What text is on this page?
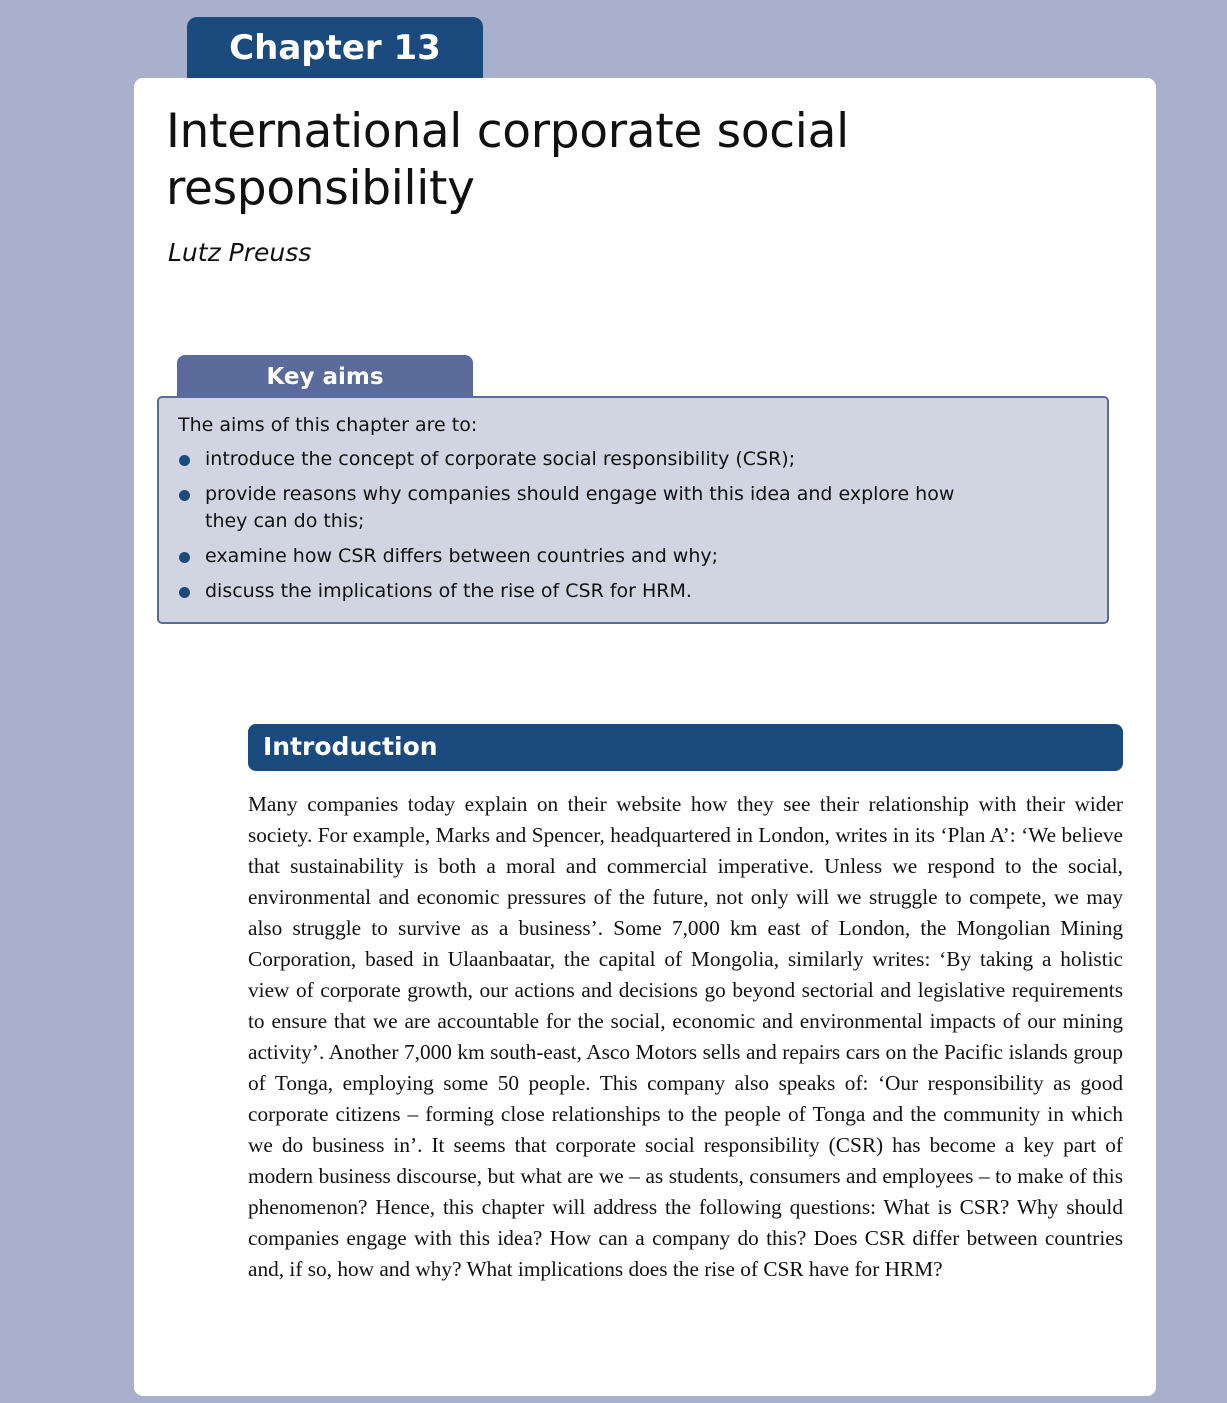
Chapter 13
International corporate social responsibility
Lutz Preuss
Key aims
The aims of this chapter are to:
introduce the concept of corporate social responsibility (CSR);
provide reasons why companies should engage with this idea and explore how they can do this;
examine how CSR differs between countries and why;
discuss the implications of the rise of CSR for HRM.
Introduction

Many companies today explain on their website how they see their relationship with their wider society. For example, Marks and Spencer, headquartered in London, writes in its ‘Plan A’: ‘We believe that sustainability is both a moral and commercial imperative. Unless we respond to the social, environmental and economic pressures of the future, not only will we struggle to compete, we may also struggle to survive as a business’. Some 7,000 km east of London, the Mongolian Mining Corporation, based in Ulaanbaatar, the capital of Mongolia, similarly writes: ‘By taking a holistic view of corporate growth, our actions and decisions go beyond sectorial and legislative requirements to ensure that we are accountable for the social, economic and environmental impacts of our mining activity’. Another 7,000 km south-east, Asco Motors sells and repairs cars on the Pacific islands group of Tonga, employing some 50 people. This company also speaks of: ‘Our responsibility as good corporate citizens – forming close relationships to the people of Tonga and the community in which we do business in’. It seems that corporate social responsibility (CSR) has become a key part of modern business discourse, but what are we – as students, consumers and employees – to make of this phenomenon? Hence, this chapter will address the following questions: What is CSR? Why should companies engage with this idea? How can a company do this? Does CSR differ between countries and, if so, how and why? What implications does the rise of CSR have for HRM?
